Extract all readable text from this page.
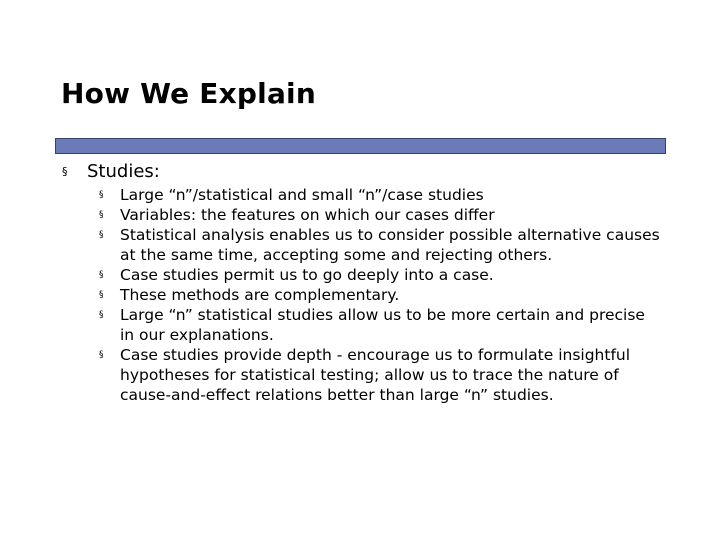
How We Explain
§ Studies:
§ Large “n”/statistical and small “n”/case studies
§ Variables: the features on which our cases differ
§ Statistical analysis enables us to consider possible alternative causes at the same time, accepting some and rejecting others.
§ Case studies permit us to go deeply into a case.
§ These methods are complementary.
§ Large “n” statistical studies allow us to be more certain and precise in our explanations.
§ Case studies provide depth - encourage us to formulate insightful hypotheses for statistical testing; allow us to trace the nature of cause-and-effect relations better than large “n” studies.
